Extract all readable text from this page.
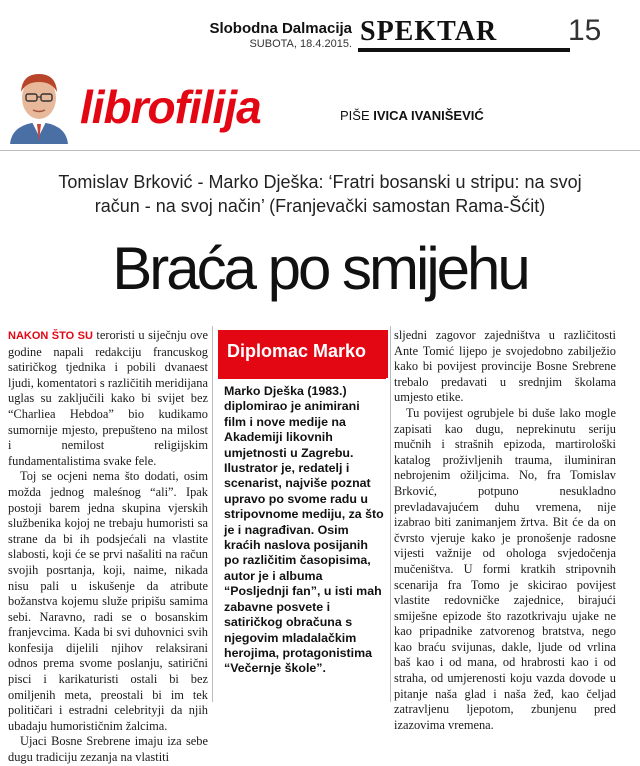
Slobodna Dalmacija
SUBOTA, 18.4.2015. SPEKTAR 15
librofilija	PIŠE IVICA IVANIŠEVIĆ
Tomislav Brković - Marko Dješka: ‘Fratri bosanski u stripu: na svoj račun - na svoj način’ (Franjevački samostan Rama-Šćit)
Braća po smijehu

NAKON ŠTO SU teroristi u siječnju ove godine napali redakciju francuskog satiričkog tjednika i pobili dvanaest ljudi, komentatori s različitih meridijana uglas su zaključili kako bi svijet bez “Charliea Hebdoa” bio kudikamo sumornije mjesto, prepušteno na milost i nemilost religijskim fundamentalistima svake fele.

Toj se ocjeni nema što dodati, osim možda jednog maleśnog “ali”. Ipak postoji barem jedna skupina vjerskih službenika kojoj ne trebaju humoristi sa strane da bi ih podsjećali na vlastite slabosti, koji će se prvi našaliti na račun svojih posrtanja, koji, naime, nikada nisu pali u iskušenje da atribute božanstva kojemu služe pripišu samima sebi. Naravno, radi se o bosanskim franjevcima. Kada bi svi duhovnici svih konfesija dijelili njihov relaksirani odnos prema svome poslanju, satirični pisci i karikaturisti ostali bi bez omiljenih meta, preostali bi im tek političari i estradni celebrityji da njih ubadaju humorističnim žalcima.

Ujaci Bosne Srebrene imaju iza sebe dugu tradiciju zezanja na vlastiti

Diplomac Marko
Marko Dješka (1983.) diplomirao je animirani film i nove medije na Akademiji likovnih umjetnosti u Zagrebu. Ilustrator je, redatelj i scenarist, najviše poznat upravo po svome radu u stripovnome mediju, za što je i nagrađivan. Osim kraćih naslova posijanih po različitim časopisima, autor je i albuma “Posljednji fan”, u isti mah zabavne posvete i satiričkog obračuna s njegovim mladalačkim herojima, protagonistima “Večernje škole”.

sljedni zagovor zajedništva u različitosti Ante Tomić lijepo je svojedobno zabilježio kako bi povijest provincije Bosne Srebrene trebalo predavati u srednjim školama umjesto etike.

Tu povijest ogrubjele bi duše lako mogle zapisati kao dugu, neprekinutu seriju mučnih i strašnih epizoda, martirološki katalog proživljenih trauma, iluminiran nebrojenim ožiljcima. No, fra Tomislav Brković, potpuno nesukladno prevladavajućem duhu vremena, nije izabrao biti zanimanjem žrtva. Bit će da on čvrsto vjeruje kako je pronošenje radosne vijesti važnije od ohologa svjedočenja mučeništva. U formi kratkih stripovnih scenarija fra Tomo je skicirao povijest vlastite redovničke zajednice, birajući smiješne epizode što razotkrivaju ujake ne kao pripadnike zatvorenog bratstva, nego kao braću svijunas, dakle, ljude od vrlina baš kao i od mana, od hrabrosti kao i od straha, od umjerenosti koju vazda dovode u pitanje naša glad i naša žeđ, kao čeljad zatravljenu ljepotom, zbunjenu pred izazovima vremena.
